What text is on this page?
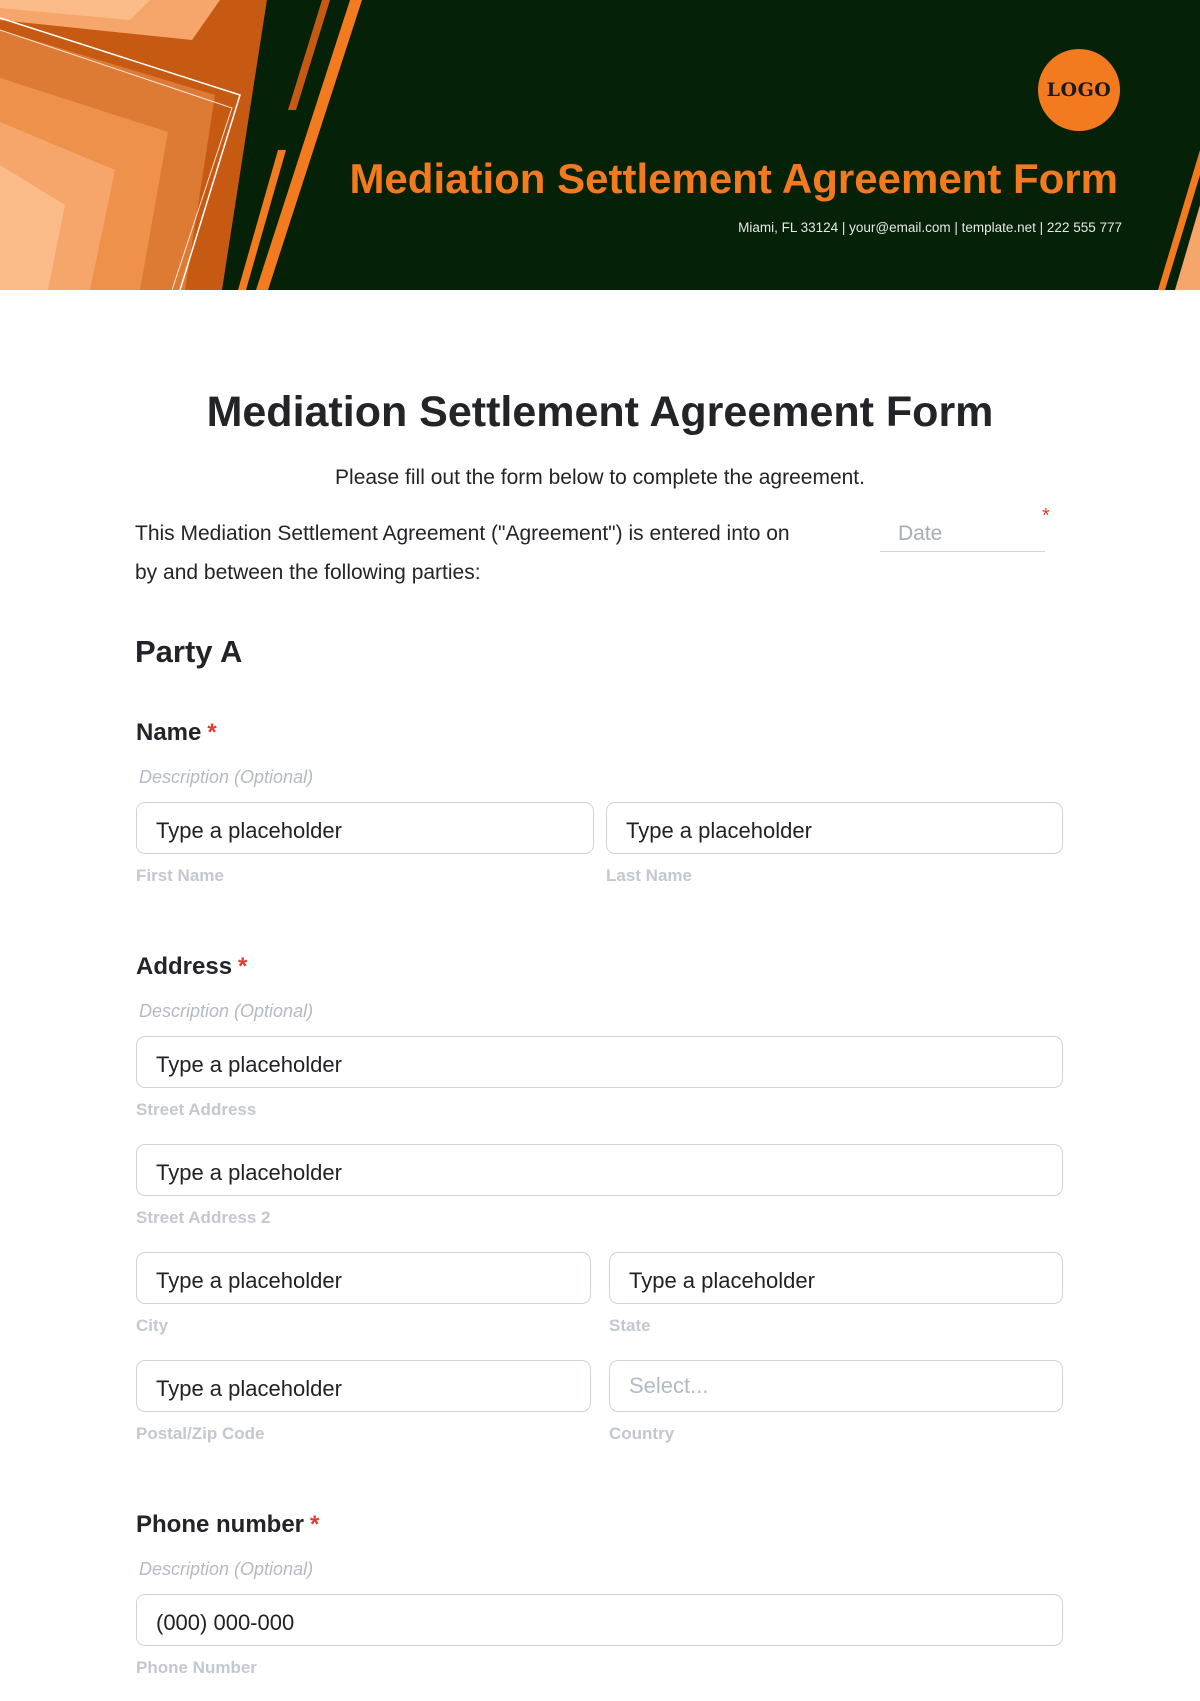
LOGO
Mediation Settlement Agreement Form
Miami, FL 33124 | your@email.com | template.net | 222 555 777
Mediation Settlement Agreement Form
Please fill out the form below to complete the agreement.
This Mediation Settlement Agreement ("Agreement") is entered into on	Date
*
by and between the following parties:
Party A
Name *
Description (Optional)
Type a placeholder	Type a placeholder
First Name	Last Name
Address *
Description (Optional)
Type a placeholder
Street Address
Type a placeholder
Street Address 2
Type a placeholder	Type a placeholder
City	State
Type a placeholder	Select...
Postal/Zip Code	Country
Phone number *
Description (Optional)
(000) 000-000
Phone Number
